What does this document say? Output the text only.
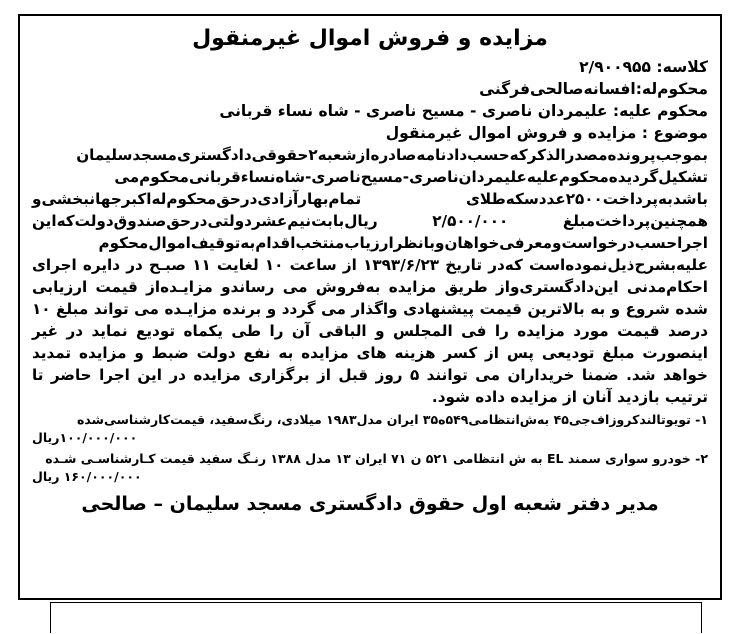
مزایده و فروش اموال غیرمنقول
کلاسه: ۲/۹۰۰۹۵۵
محکوم‌له:افسانه‌صالحی‌فرگنی
محکوم علیه: علیمردان ناصری - مسیح ناصری - شاه نساء قربانی
موضوع : مزایده و فروش اموال غیرمنقول
بموجب‌پرونده‌مصدرالذکرکه‌حسب‌دادنامه‌صادره‌ازشعبه۲حقوقی‌دادگستری‌مسجدسلیمان تشکیل‌گردیده‌محکوم‌علیه‌علیمردان‌ناصری-مسیح‌ناصری-شاه‌نساءقربانی‌محکوم‌می باشدبه‌پرداخت۲۵۰۰عددسکه‌طلای تمام‌بهارآزادی‌درحق‌محکوم‌له‌اکبرجهانبخشی‌و همچنین‌پرداخت‌مبلغ ۲/۵۰۰/۰۰۰ ریال‌بابت‌نیم‌عشردولتی‌درحق‌صندوق‌دولت‌که‌این اجراحسب‌درخواست‌ومعرفی‌خواهان‌وبانظرارزیاب‌منتخب‌اقدام‌به‌توقیف‌اموال‌محکوم علیه‌بشرح‌ذیل‌نموده‌است که‌در تاریخ ۱۳۹۳/۶/۲۳ از ساعت ۱۰ لغایت ۱۱ صبـح در دایره اجرای احکام‌مدنی این‌دادگستری‌واز طریق مزایده به‌فروش می رساندو مزایـده‌از قیمت ارزیابی شده شروع و به بالاترین قیمت پیشنهادی واگذار می گردد و برنده مزایـده می تواند مبلغ ۱۰ درصد قیمت مورد مزایده را فی المجلس و الباقی آن را طی یکماه تودیع نماید در غیر اینصورت مبلغ تودیعی پس از کسر هزینه های مزایده به نفع دولت ضبط و مزایده تمدید خواهد شد. ضمنا خریداران می توانند ۵ روز قبل از برگزاری مزایده در این اجرا حاضر تا ترتیب بازدید آنان از مزایده داده شود.
۱- تویوتالندکروزاف‌جی۴۵ به‌ش‌انتظامی۵۴۹ه۳۵ ایران مدل۱۹۸۳ میلادی، رنگ‌سفید، قیمت‌کارشناسی‌شده
۱۰۰/۰۰۰/۰۰۰ریال
۲- خودرو سواری سمند EL به ش انتظامی ۵۲۱ ن ۷۱ ایران ۱۳ مدل ۱۳۸۸ رنـگ سفید قیمت کـارشناسـی شـده
۱۶۰/۰۰۰/۰۰۰ ریال
مدیر دفتر شعبه اول حقوق دادگستری مسجد سلیمان – صالحی
